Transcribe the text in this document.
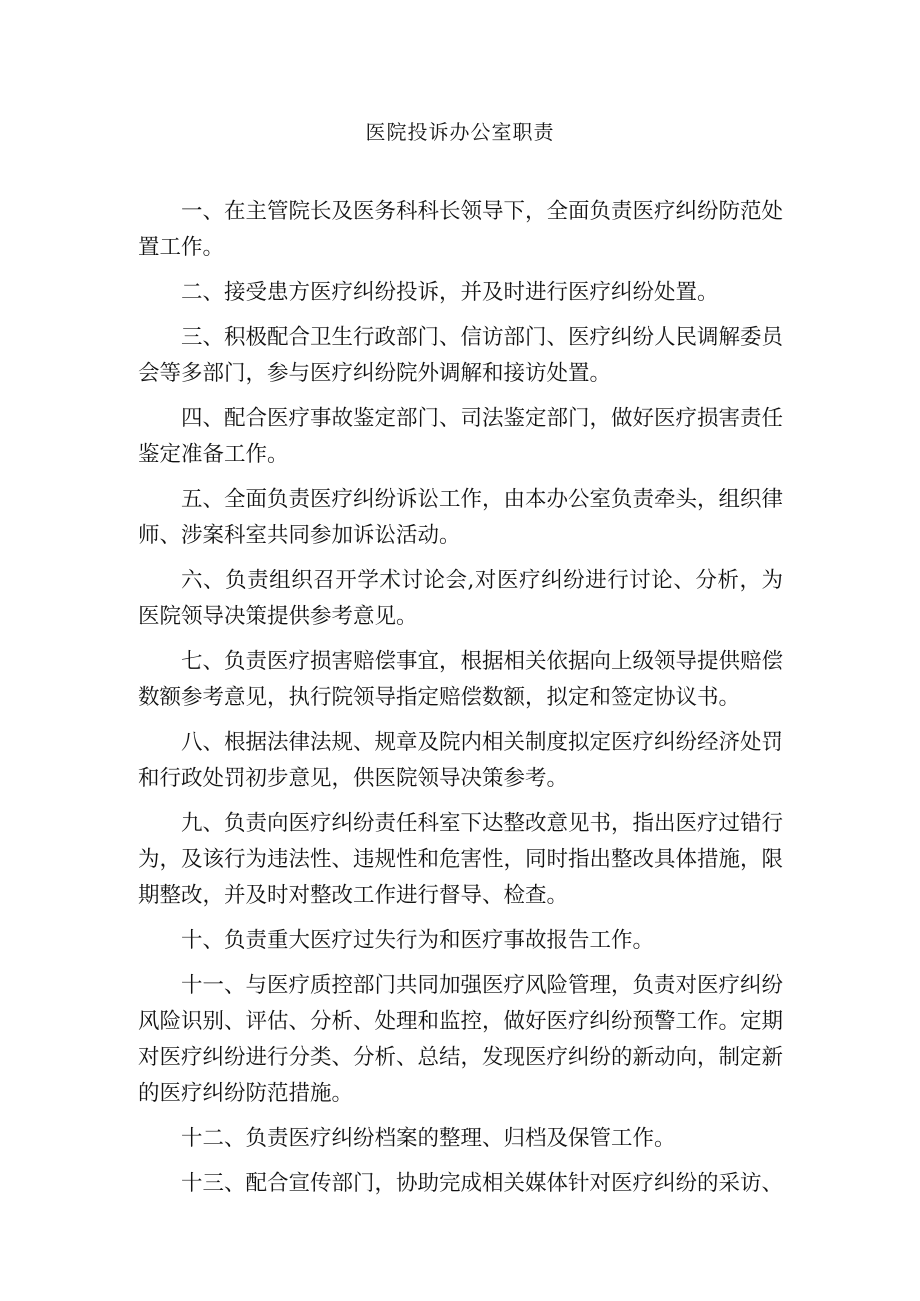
医院投诉办公室职责

一、在主管院长及医务科科长领导下，全面负责医疗纠纷防范处置工作。

二、接受患方医疗纠纷投诉，并及时进行医疗纠纷处置。

三、积极配合卫生行政部门、信访部门、医疗纠纷人民调解委员会等多部门，参与医疗纠纷院外调解和接访处置。

四、配合医疗事故鉴定部门、司法鉴定部门，做好医疗损害责任鉴定准备工作。

五、全面负责医疗纠纷诉讼工作，由本办公室负责牵头，组织律师、涉案科室共同参加诉讼活动。

六、负责组织召开学术讨论会,对医疗纠纷进行讨论、分析，为医院领导决策提供参考意见。

七、负责医疗损害赔偿事宜，根据相关依据向上级领导提供赔偿数额参考意见，执行院领导指定赔偿数额，拟定和签定协议书。

八、根据法律法规、规章及院内相关制度拟定医疗纠纷经济处罚和行政处罚初步意见，供医院领导决策参考。

九、负责向医疗纠纷责任科室下达整改意见书，指出医疗过错行为，及该行为违法性、违规性和危害性，同时指出整改具体措施，限期整改，并及时对整改工作进行督导、检查。

十、负责重大医疗过失行为和医疗事故报告工作。

十一、与医疗质控部门共同加强医疗风险管理，负责对医疗纠纷风险识别、评估、分析、处理和监控，做好医疗纠纷预警工作。定期对医疗纠纷进行分类、分析、总结，发现医疗纠纷的新动向，制定新的医疗纠纷防范措施。

十二、负责医疗纠纷档案的整理、归档及保管工作。

十三、配合宣传部门，协助完成相关媒体针对医疗纠纷的采访、
